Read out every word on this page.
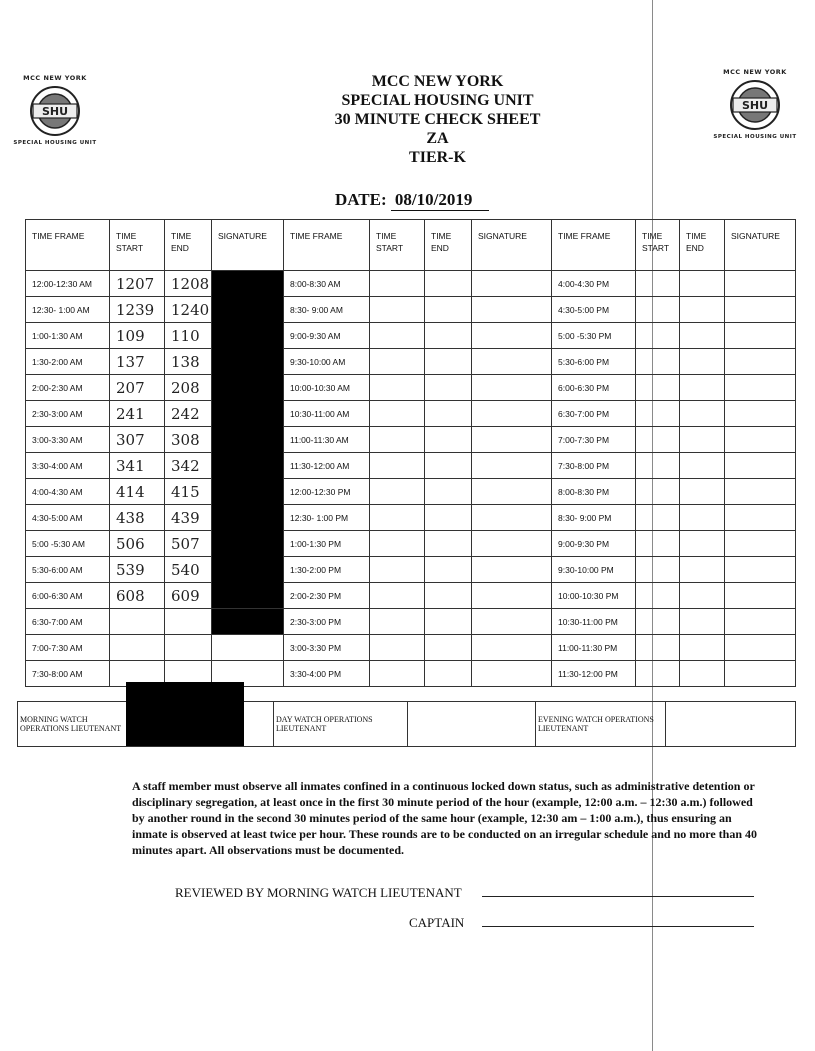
MCC NEW YORK
SHU
SPECIAL HOUSING UNIT
MCC NEW YORK
SHU
SPECIAL HOUSING UNIT
MCC NEW YORK
SPECIAL HOUSING UNIT
30 MINUTE CHECK SHEET
ZA
TIER-K
DATE: 08/10/2019
TIME FRAME	TIME START	TIME END	SIGNATURE	TIME FRAME	TIME START	TIME END	SIGNATURE	TIME FRAME	TIME START	TIME END	SIGNATURE
12:00-12:30 AM	1207	1208		8:00-8:30 AM				4:00-4:30 PM			
12:30- 1:00 AM	1239	1240		8:30- 9:00 AM				4:30-5:00 PM			
1:00-1:30 AM	109	110		9:00-9:30 AM				5:00 -5:30 PM			
1:30-2:00 AM	137	138		9:30-10:00 AM				5:30-6:00 PM			
2:00-2:30 AM	207	208		10:00-10:30 AM				6:00-6:30 PM			
2:30-3:00 AM	241	242		10:30-11:00 AM				6:30-7:00 PM			
3:00-3:30 AM	307	308		11:00-11:30 AM				7:00-7:30 PM			
3:30-4:00 AM	341	342		11:30-12:00 AM				7:30-8:00 PM			
4:00-4:30 AM	414	415		12:00-12:30 PM				8:00-8:30 PM			
4:30-5:00 AM	438	439		12:30- 1:00 PM				8:30- 9:00 PM			
5:00 -5:30 AM	506	507		1:00-1:30 PM				9:00-9:30 PM			
5:30-6:00 AM	539	540		1:30-2:00 PM				9:30-10:00 PM			
6:00-6:30 AM	608	609		2:00-2:30 PM				10:00-10:30 PM			
6:30-7:00 AM				2:30-3:00 PM				10:30-11:00 PM			
7:00-7:30 AM				3:00-3:30 PM				11:00-11:30 PM			
7:30-8:00 AM				3:30-4:00 PM				11:30-12:00 PM			
MORNING WATCH OPERATIONS LIEUTENANT		DAY WATCH OPERATIONS LIEUTENANT		EVENING WATCH OPERATIONS LIEUTENANT	
A staff member must observe all inmates confined in a continuous locked down status, such as administrative detention or disciplinary segregation, at least once in the first 30 minute period of the hour (example, 12:00 a.m. – 12:30 a.m.) followed by another round in the second 30 minutes period of the same hour (example, 12:30 am – 1:00 a.m.), thus ensuring an inmate is observed at least twice per hour. These rounds are to be conducted on an irregular schedule and no more than 40 minutes apart. All observations must be documented.
REVIEWED BY MORNING WATCH LIEUTENANT
CAPTAIN
